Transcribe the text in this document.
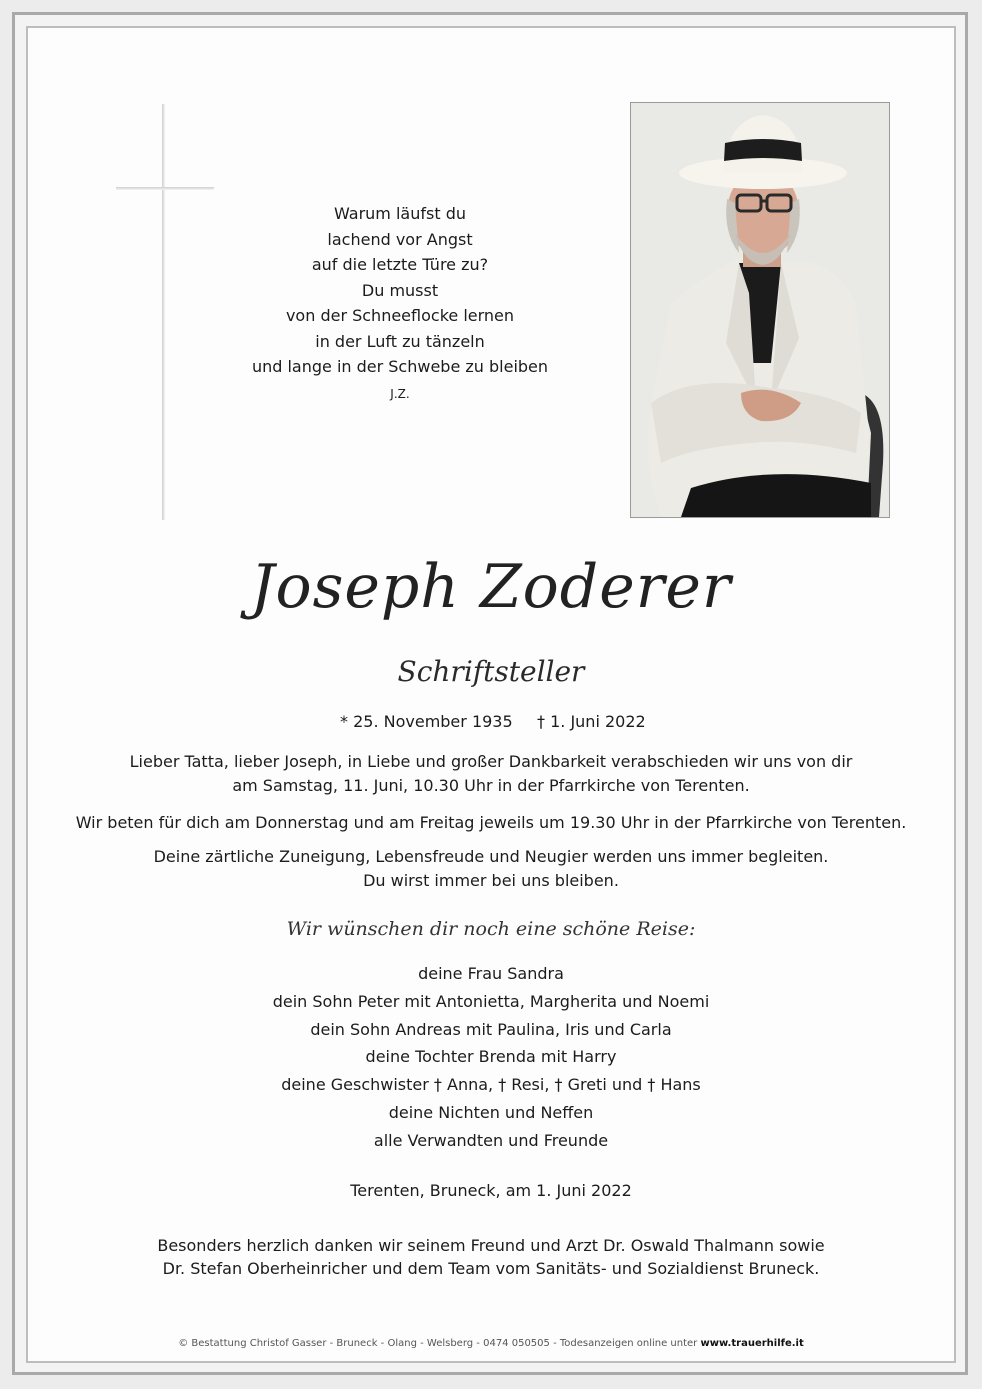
Warum läufst du
lachend vor Angst
auf die letzte Türe zu?
Du musst
von der Schneeflocke lernen
in der Luft zu tänzeln
und lange in der Schwebe zu bleiben
J.Z.
Joseph Zoderer
Schriftsteller
* 25. November 1935 † 1. Juni 2022
Lieber Tatta, lieber Joseph, in Liebe und großer Dankbarkeit verabschieden wir uns von dir
am Samstag, 11. Juni, 10.30 Uhr in der Pfarrkirche von Terenten.
Wir beten für dich am Donnerstag und am Freitag jeweils um 19.30 Uhr in der Pfarrkirche von Terenten.
Deine zärtliche Zuneigung, Lebensfreude und Neugier werden uns immer begleiten.
Du wirst immer bei uns bleiben.
Wir wünschen dir noch eine schöne Reise:
deine Frau Sandra
dein Sohn Peter mit Antonietta, Margherita und Noemi
dein Sohn Andreas mit Paulina, Iris und Carla
deine Tochter Brenda mit Harry
deine Geschwister † Anna, † Resi, † Greti und † Hans
deine Nichten und Neffen
alle Verwandten und Freunde
Terenten, Bruneck, am 1. Juni 2022
Besonders herzlich danken wir seinem Freund und Arzt Dr. Oswald Thalmann sowie
Dr. Stefan Oberheinricher und dem Team vom Sanitäts- und Sozialdienst Bruneck.
© Bestattung Christof Gasser - Bruneck - Olang - Welsberg - 0474 050505 - Todesanzeigen online unter www.trauerhilfe.it
